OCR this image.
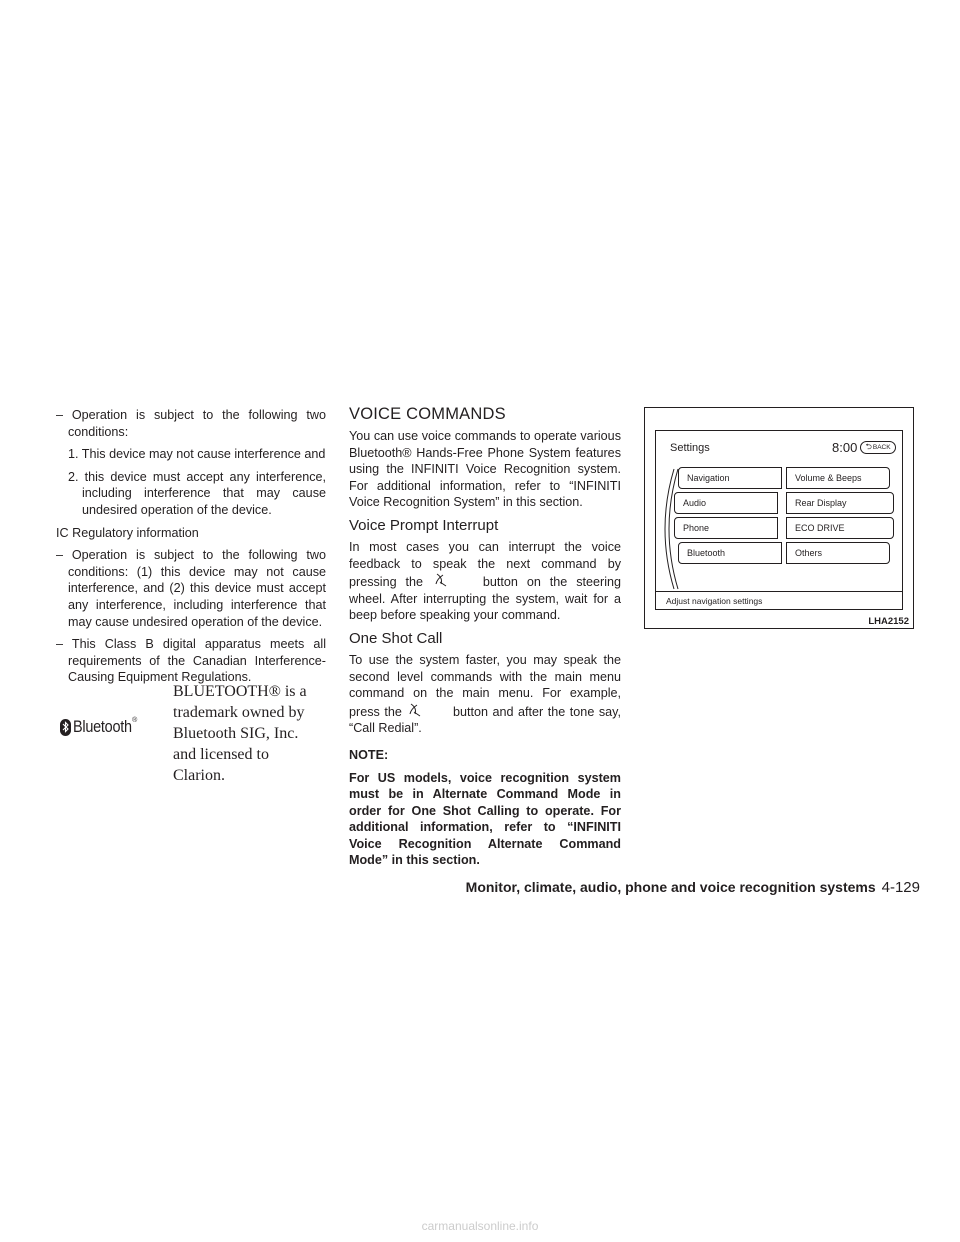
– Operation is subject to the following two conditions:

1. This device may not cause interference and

2. this device must accept any interference, including interference that may cause undesired operation of the device.

IC Regulatory information

– Operation is subject to the following two conditions: (1) this device may not cause interference, and (2) this device must accept any interference, including interference that may cause undesired operation of the device.

– This Class B digital apparatus meets all requirements of the Canadian Interference-Causing Equipment Regulations.

Bluetooth ®
BLUETOOTH® is a trademark owned by Bluetooth SIG, Inc. and licensed to Clarion.
VOICE COMMANDS

You can use voice commands to operate various Bluetooth® Hands-Free Phone System features using the INFINITI Voice Recognition system. For additional information, refer to “INFINITI Voice Recognition System” in this section.

Voice Prompt Interrupt

In most cases you can interrupt the voice feedback to speak the next command by pressing the	button on the steering wheel. After interrupting the system, wait for a beep before speaking your command.

One Shot Call

To use the system faster, you may speak the second level commands with the main menu command on the main menu. For example, press the	button and after the tone say, “Call Redial”.

NOTE:

For US models, voice recognition system must be in Alternate Command Mode in order for One Shot Calling to operate. For additional information, refer to “INFINITI Voice Recognition Alternate Command Mode” in this section.

Settings	8:00 ⮌ BACK
Navigation
Audio
Phone
Bluetooth
Volume & Beeps
Rear Display
ECO DRIVE
Others
Adjust navigation settings
LHA2152
Monitor, climate, audio, phone and voice recognition systems 4-129
carmanualsonline.info
